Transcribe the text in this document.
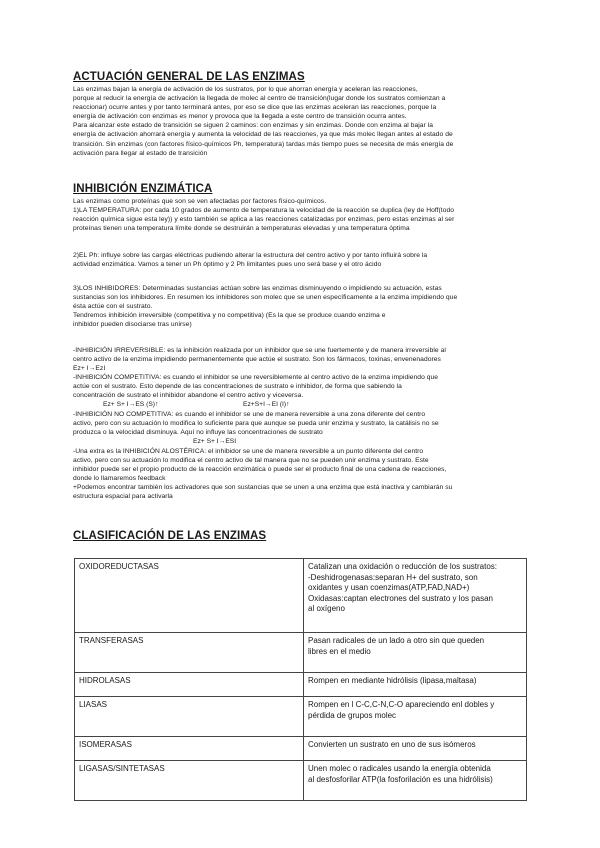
ACTUACIÓN GENERAL DE LAS ENZIMAS
Las enzimas bajan la energía de activación de los sustratos, por lo que ahorran energía y aceleran las reacciones,
porque al reducir la energía de activación la llegada de molec al centro de transición(lugar donde los sustratos comienzan a
reaccionar) ocurre antes y por tanto terminará antes, por eso se dice que las enzimas aceleran las reacciones, porque la
energía de activación con enzimas es menor y provoca que la llegada a este centro de transición ocurra antes.
Para alcanzar este estado de transición se siguen 2 caminos: con enzimas y sin enzimas. Donde con enzima al bajar la
energía de activación ahorrará energía y aumenta la velocidad de las reacciones, ya que más molec llegan antes al estado de
transición. Sin enzimas (con factores físico-químicos Ph, temperatura) tardas más tiempo pues se necesita de más energía de
activación para llegar al estado de transición
INHIBICIÓN ENZIMÁTICA
Las enzimas como proteínas que son se ven afectadas por factores físico-químicos.
1)LA TEMPERATURA: por cada 10 grados de aumento de temperatura la velocidad de la reacción se duplica (ley de Hoff(todo
reacción química sigue esta ley)) y esto también se aplica a las reacciones catalizadas por enzimas, pero estas enzimas al ser
proteínas tienen una temperatura límite donde se destruirán a temperaturas elevadas y una temperatura óptima
2)EL Ph: influye sobre las cargas eléctricas pudiendo alterar la estructura del centro activo y por tanto influirá sobre la
actividad enzimática. Vamos a tener un Ph óptimo y 2 Ph limitantes pues uno será base y el otro ácido
3)LOS INHIBIDORES: Determinadas sustancias actúan sobre las enzimas disminuyendo o impidiendo su actuación, estas
sustancias son los inhibidores. En resumen los inhibidores son molec que se unen específicamente a la enzima impidiendo que
ésta actúe con el sustrato.
Tendremos inhibición irreversible (competitiva y no competitiva) (Es la que se produce cuando enzima e
inhibidor pueden disociarse tras unirse)
-INHIBICIÓN IRREVERSIBLE: es la inhibición realizada por un inhibidor que se une fuertemente y de manera irreversible al
centro activo de la enzima impidiendo permanentemente que actúe el sustrato. Son los fármacos, toxinas, envenenadores
Ez+ I→EzI
-INHIBICIÓN COMPETITIVA: es cuando el inhibidor se une reversiblemente al centro activo de la enzima impidiendo que
actúe con el sustrato. Esto depende de las concentraciones de sustrato e inhibidor, de forma que sabiendo la
concentración de sustrato el inhibidor abandone el centro activo y viceversa.
Ez+ S+ I→ES (S)↑	Ez+S+I→EI (I)↑
-INHIBICIÓN NO COMPETITIVA: es cuando el inhibidor se une de manera reversible a una zona diferente del centro
activo, pero con su actuación lo modifica lo suficiente para que aunque se pueda unir enzima y sustrato, la catálisis no se
produzca o la velocidad disminuya. Aquí no influye las concentraciones de sustrato
Ez+ S+ I→ESI
-Una extra es la INHIBICIÓN ALOSTÉRICA: el inhibidor se une de manera reversible a un punto diferente del centro
activo, pero con su actuación lo modifica el centro activo de tal manera que no se pueden unir enzima y sustrato. Este
inhibidor puede ser el propio producto de la reacción enzimática o puede ser el producto final de una cadena de reacciones,
donde lo llamaremos feedback
+Podemos encontrar también los activadores que son sustancias que se unen a una enzima que está inactiva y cambiarán su
estructura espacial para activarla
CLASIFICACIÓN DE LAS ENZIMAS
OXIDOREDUCTASAS	Catalizan una oxidación o reducción de los sustratos:
-Deshidrogenasas:separan H+ del sustrato, son
oxidantes y usan coenzimas(ATP,FAD,NAD+)
Oxidasas:captan electrones del sustrato y los pasan
al oxígeno

TRANSFERASAS	Pasan radicales de un lado a otro sin que queden
libres en el medio

HIDROLASAS	Rompen en mediante hidrólisis (lipasa,maltasa)

LIASAS	Rompen en l C-C,C-N,C-O apareciendo enl dobles y
pérdida de grupos molec

ISOMERASAS	Convierten un sustrato en uno de sus isómeros

LIGASAS/SINTETASAS	Unen molec o radicales usando la energía obtenida
al desfosforilar ATP(la fosforilación es una hidrólisis)
